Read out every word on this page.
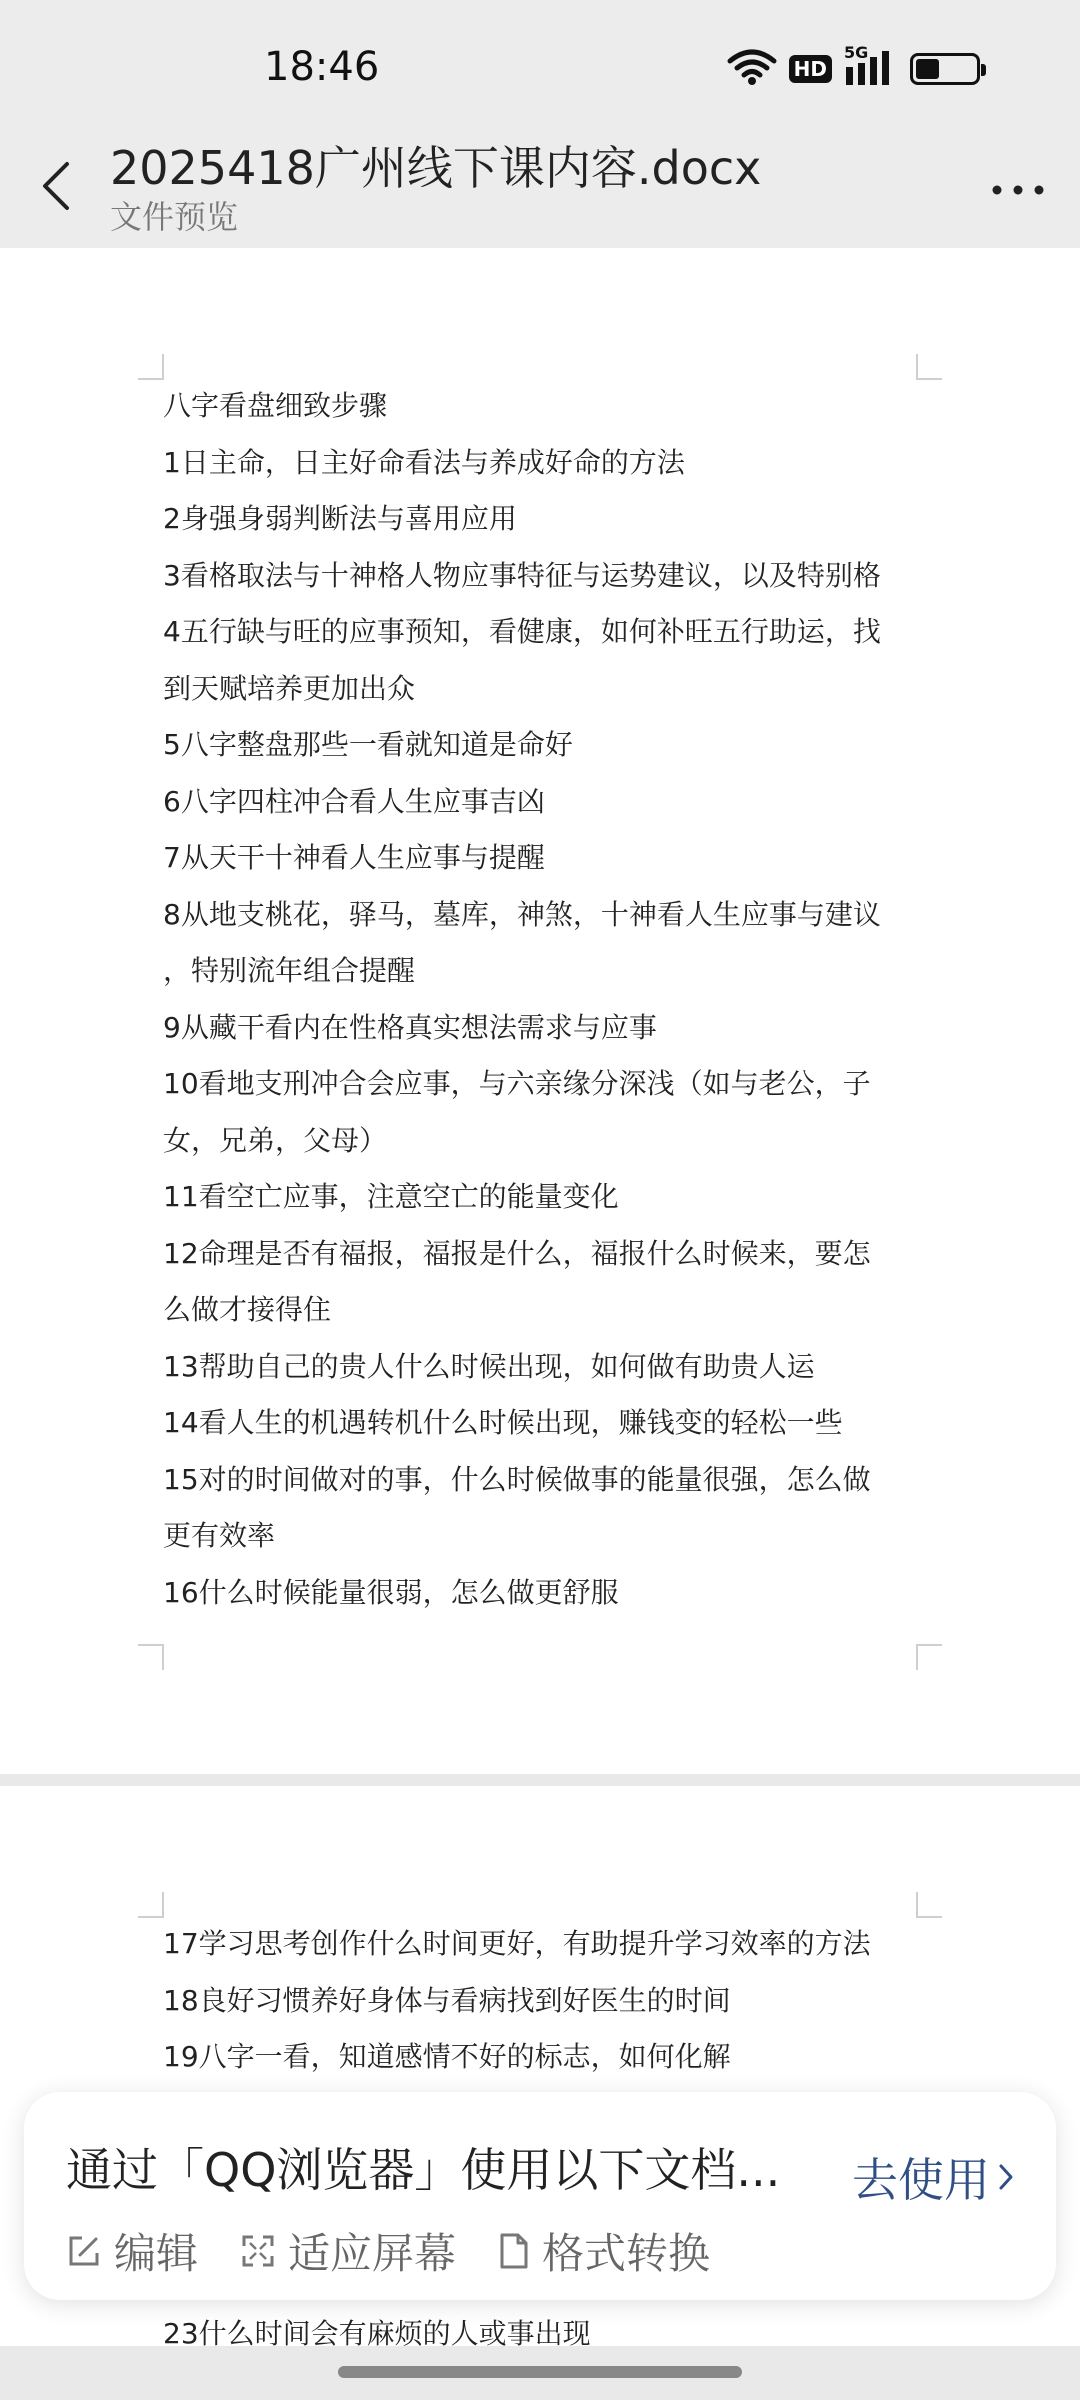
18:46	HD
5G
2025418广州线下课内容.docx
文件预览

八字看盘细致步骤

1日主命，日主好命看法与养成好命的方法

2身强身弱判断法与喜用应用

3看格取法与十神格人物应事特征与运势建议，以及特别格

4五行缺与旺的应事预知，看健康，如何补旺五行助运，找

到天赋培养更加出众

5八字整盘那些一看就知道是命好

6八字四柱冲合看人生应事吉凶

7从天干十神看人生应事与提醒

8从地支桃花，驿马，墓库，神煞，十神看人生应事与建议

，特别流年组合提醒

9从藏干看内在性格真实想法需求与应事

10看地支刑冲合会应事，与六亲缘分深浅（如与老公，子

女，兄弟，父母）

11看空亡应事，注意空亡的能量变化

12命理是否有福报，福报是什么，福报什么时候来，要怎

么做才接得住

13帮助自己的贵人什么时候出现，如何做有助贵人运

14看人生的机遇转机什么时候出现，赚钱变的轻松一些

15对的时间做对的事，什么时候做事的能量很强，怎么做

更有效率

16什么时候能量很弱，怎么做更舒服

17学习思考创作什么时间更好，有助提升学习效率的方法

18良好习惯养好身体与看病找到好医生的时间

19八字一看，知道感情不好的标志，如何化解

23什么时间会有麻烦的人或事出现
通过「QQ浏览器」使用以下文档... 去使用
编辑 适应屏幕 格式转换
